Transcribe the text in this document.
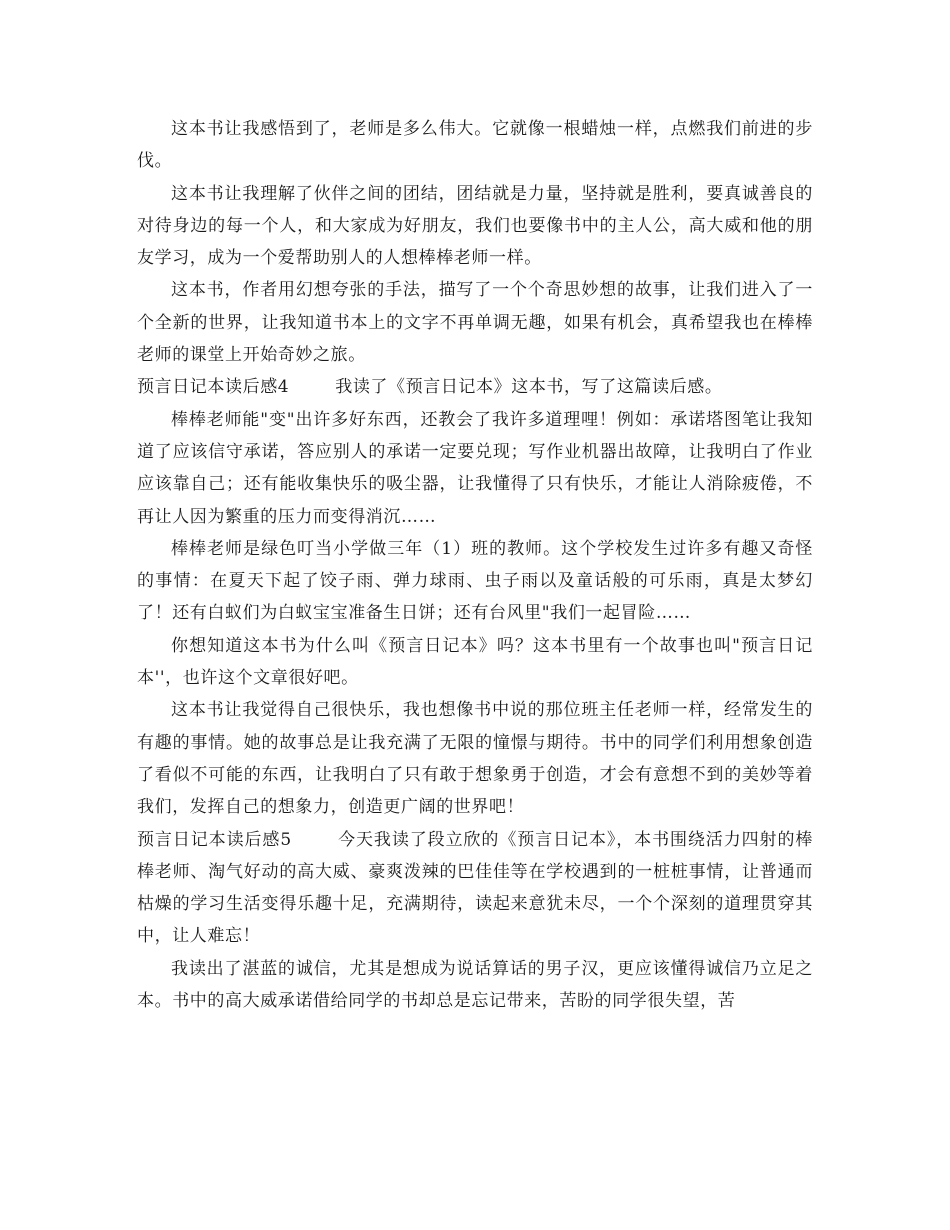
这本书让我感悟到了，老师是多么伟大。它就像一根蜡烛一样，点燃我们前进的步伐。

这本书让我理解了伙伴之间的团结，团结就是力量，坚持就是胜利，要真诚善良的对待身边的每一个人，和大家成为好朋友，我们也要像书中的主人公，高大威和他的朋友学习，成为一个爱帮助别人的人想棒棒老师一样。

这本书，作者用幻想夸张的手法，描写了一个个奇思妙想的故事，让我们进入了一个全新的世界，让我知道书本上的文字不再单调无趣，如果有机会，真希望我也在棒棒老师的课堂上开始奇妙之旅。

预言日记本读后感4	我读了《预言日记本》这本书，写了这篇读后感。

棒棒老师能"变"出许多好东西，还教会了我许多道理哩！例如：承诺塔图笔让我知道了应该信守承诺，答应别人的承诺一定要兑现；写作业机器出故障，让我明白了作业应该靠自己；还有能收集快乐的吸尘器，让我懂得了只有快乐，才能让人消除疲倦，不再让人因为繁重的压力而变得消沉……

棒棒老师是绿色叮当小学做三年（1）班的教师。这个学校发生过许多有趣又奇怪的事情：在夏天下起了饺子雨、弹力球雨、虫子雨以及童话般的可乐雨，真是太梦幻了！还有白蚁们为白蚁宝宝准备生日饼；还有台风里"我们一起冒险……

你想知道这本书为什么叫《预言日记本》吗？这本书里有一个故事也叫"预言日记本''，也许这个文章很好吧。

这本书让我觉得自己很快乐，我也想像书中说的那位班主任老师一样，经常发生的有趣的事情。她的故事总是让我充满了无限的憧憬与期待。书中的同学们利用想象创造了看似不可能的东西，让我明白了只有敢于想象勇于创造，才会有意想不到的美妙等着我们，发挥自己的想象力，创造更广阔的世界吧！

预言日记本读后感5	今天我读了段立欣的《预言日记本》，本书围绕活力四射的棒棒老师、淘气好动的高大威、豪爽泼辣的巴佳佳等在学校遇到的一桩桩事情，让普通而枯燥的学习生活变得乐趣十足，充满期待，读起来意犹未尽，一个个深刻的道理贯穿其中，让人难忘！

我读出了湛蓝的诚信，尤其是想成为说话算话的男子汉，更应该懂得诚信乃立足之本。书中的高大威承诺借给同学的书却总是忘记带来，苦盼的同学很失望，苦
